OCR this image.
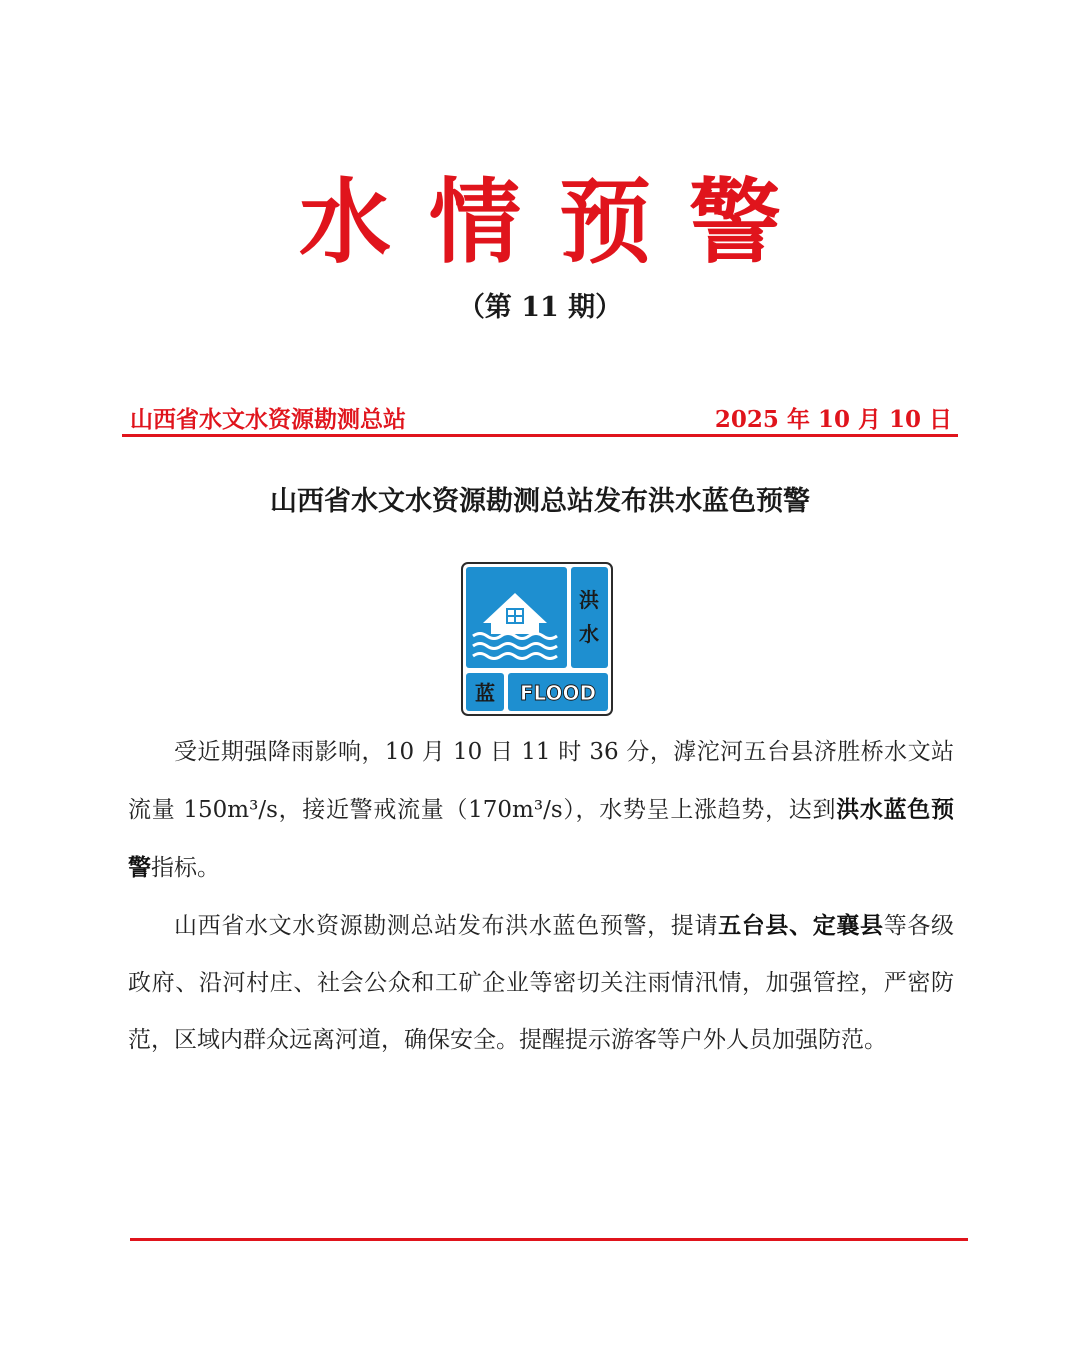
水情预警
（第 11 期）
山西省水文水资源勘测总站	2025 年 10 月 10 日
山西省水文水资源勘测总站发布洪水蓝色预警
洪
水
蓝 FLOOD

受近期强降雨影响，10 月 10 日 11 时 36 分，滹沱河五台县济胜桥水文站流量 150m³/s，接近警戒流量（170m³/s），水势呈上涨趋势，达到洪水蓝色预警指标。

山西省水文水资源勘测总站发布洪水蓝色预警，提请五台县、定襄县等各级政府、沿河村庄、社会公众和工矿企业等密切关注雨情汛情，加强管控，严密防范，区域内群众远离河道，确保安全。提醒提示游客等户外人员加强防范。
